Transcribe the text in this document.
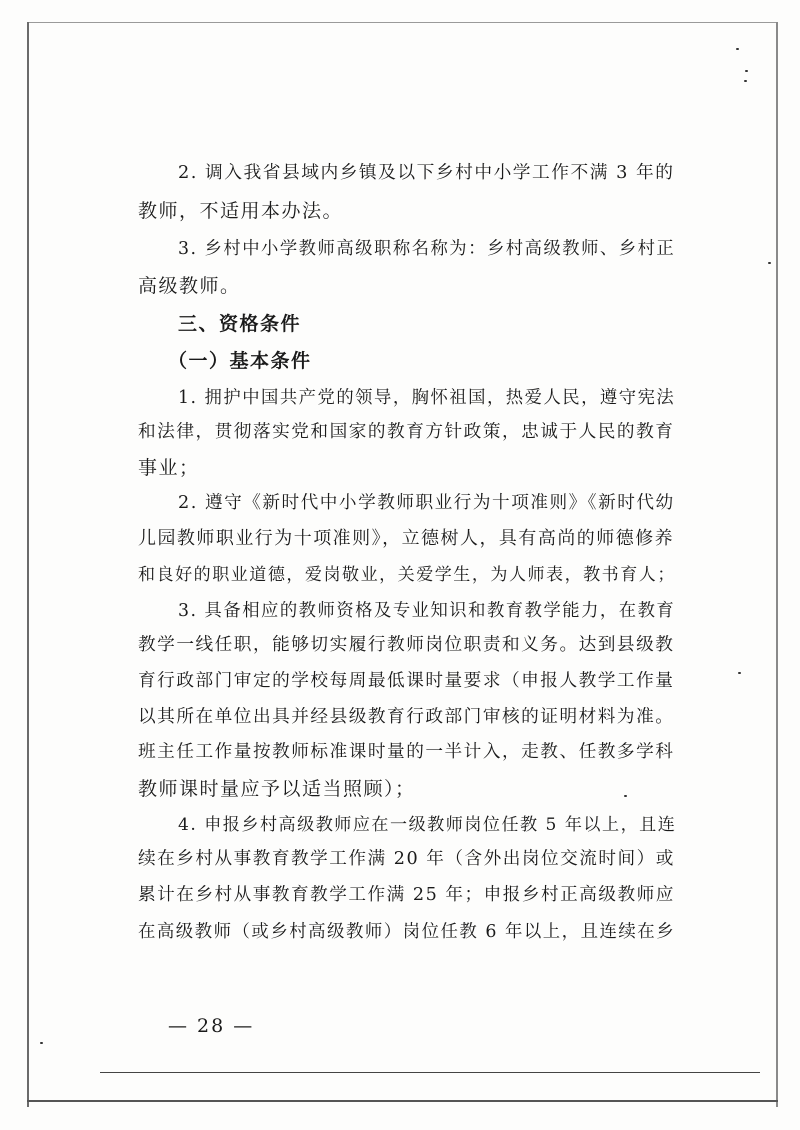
2. 调入我省县域内乡镇及以下乡村中小学工作不满 3 年的
教师，不适用本办法。
3. 乡村中小学教师高级职称名称为：乡村高级教师、乡村正
高级教师。
三、资格条件
（一）基本条件
1. 拥护中国共产党的领导，胸怀祖国，热爱人民，遵守宪法
和法律，贯彻落实党和国家的教育方针政策，忠诚于人民的教育
事业；
2. 遵守《新时代中小学教师职业行为十项准则》《新时代幼
儿园教师职业行为十项准则》，立德树人，具有高尚的师德修养
和良好的职业道德，爱岗敬业，关爱学生，为人师表，教书育人；
3. 具备相应的教师资格及专业知识和教育教学能力，在教育
教学一线任职，能够切实履行教师岗位职责和义务。达到县级教
育行政部门审定的学校每周最低课时量要求（申报人教学工作量
以其所在单位出具并经县级教育行政部门审核的证明材料为准。
班主任工作量按教师标准课时量的一半计入，走教、任教多学科
教师课时量应予以适当照顾）；
4. 申报乡村高级教师应在一级教师岗位任教 5 年以上，且连
续在乡村从事教育教学工作满 20 年（含外出岗位交流时间）或
累计在乡村从事教育教学工作满 25 年；申报乡村正高级教师应
在高级教师（或乡村高级教师）岗位任教 6 年以上，且连续在乡
— 28 —
